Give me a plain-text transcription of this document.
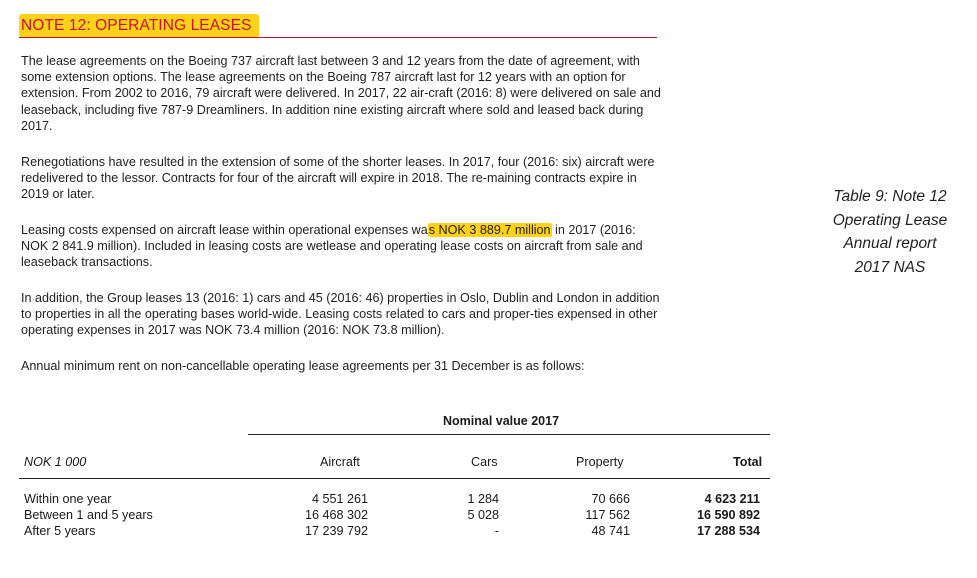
NOTE 12: OPERATING LEASES
The lease agreements on the Boeing 737 aircraft last between 3 and 12 years from the date of agreement, with some extension options. The lease agreements on the Boeing 787 aircraft last for 12 years with an option for extension. From 2002 to 2016, 79 aircraft were delivered. In 2017, 22 air-craft (2016: 8) were delivered on sale and leaseback, including five 787-9 Dreamliners. In addition nine existing aircraft where sold and leased back during 2017.
Renegotiations have resulted in the extension of some of the shorter leases. In 2017, four (2016: six) aircraft were redelivered to the lessor. Contracts for four of the aircraft will expire in 2018. The re-maining contracts expire in 2019 or later.
Leasing costs expensed on aircraft lease within operational expenses was NOK 3 889.7 million in 2017 (2016: NOK 2 841.9 million). Included in leasing costs are wetlease and operating lease costs on aircraft from sale and leaseback transactions.
In addition, the Group leases 13 (2016: 1) cars and 45 (2016: 46) properties in Oslo, Dublin and London in addition to properties in all the operating bases world-wide. Leasing costs related to cars and proper-ties expensed in other operating expenses in 2017 was NOK 73.4 million (2016: NOK 73.8 million).
Annual minimum rent on non-cancellable operating lease agreements per 31 December is as follows:
Table 9: Note 12
Operating Lease
Annual report
2017 NAS
Nominal value 2017
NOK 1 000	Aircraft	Cars	Property	Total
Within one year	4 551 261	1 284	70 666	4 623 211
Between 1 and 5 years	16 468 302	5 028	117 562	16 590 892
After 5 years	17 239 792	-	48 741	17 288 534
